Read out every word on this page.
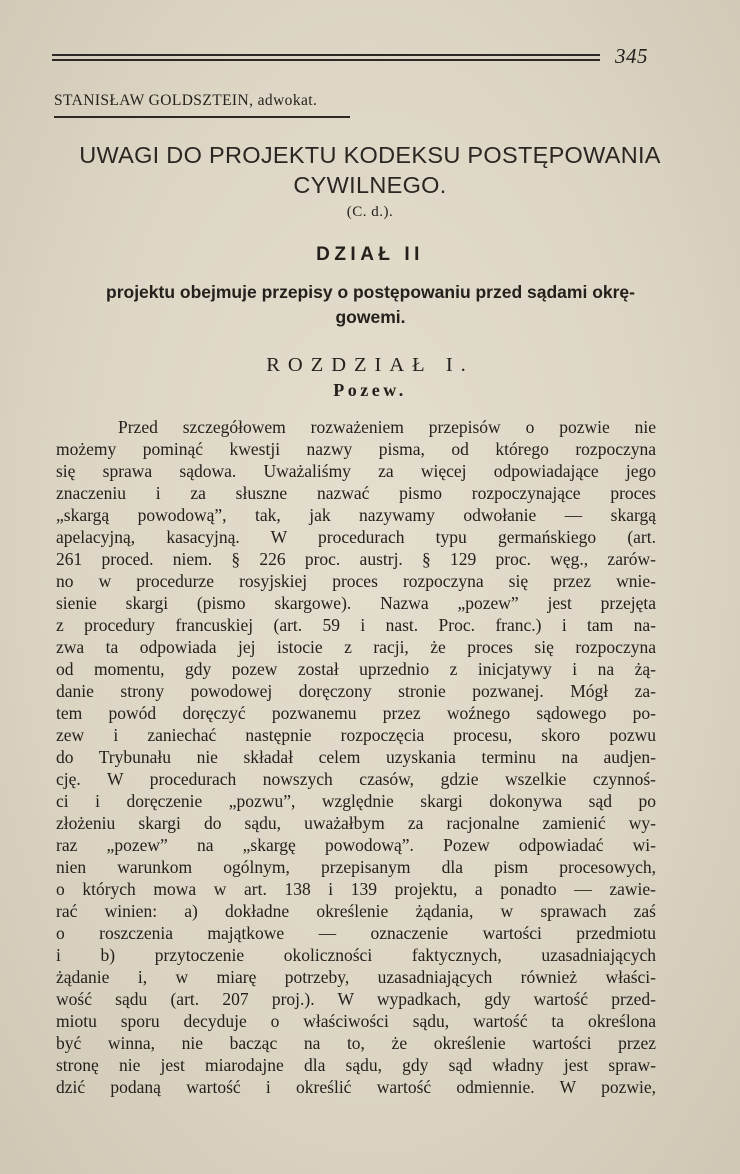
345
STANISŁAW GOLDSZTEIN, adwokat.
UWAGI DO PROJEKTU KODEKSU POSTĘPOWANIA
CYWILNEGO.
(C. d.).
DZIAŁ II
projektu obejmuje przepisy o postępowaniu przed sądami okrę-
gowemi.
ROZDZIAŁ I.
Pozew.
Przed szczegółowem rozważeniem przepisów o pozwie nie
możemy pominąć kwestji nazwy pisma, od którego rozpoczyna
się sprawa sądowa. Uważaliśmy za więcej odpowiadające jego
znaczeniu i za słuszne nazwać pismo rozpoczynające proces
„skargą powodową”, tak, jak nazywamy odwołanie — skargą
apelacyjną, kasacyjną. W procedurach typu germańskiego (art.
261 proced. niem. § 226 proc. austrj. § 129 proc. węg., zarów-
no w procedurze rosyjskiej proces rozpoczyna się przez wnie-
sienie skargi (pismo skargowe). Nazwa „pozew” jest przejęta
z procedury francuskiej (art. 59 i nast. Proc. franc.) i tam na-
zwa ta odpowiada jej istocie z racji, że proces się rozpoczyna
od momentu, gdy pozew został uprzednio z inicjatywy i na żą-
danie strony powodowej doręczony stronie pozwanej. Mógł za-
tem powód doręczyć pozwanemu przez woźnego sądowego po-
zew i zaniechać następnie rozpoczęcia procesu, skoro pozwu
do Trybunału nie składał celem uzyskania terminu na audjen-
cję. W procedurach nowszych czasów, gdzie wszelkie czynnoś-
ci i doręczenie „pozwu”, względnie skargi dokonywa sąd po
złożeniu skargi do sądu, uważałbym za racjonalne zamienić wy-
raz „pozew” na „skargę powodową”. Pozew odpowiadać wi-
nien warunkom ogólnym, przepisanym dla pism procesowych,
o których mowa w art. 138 i 139 projektu, a ponadto — zawie-
rać winien: a) dokładne określenie żądania, w sprawach zaś
o roszczenia majątkowe — oznaczenie wartości przedmiotu
i b) przytoczenie okoliczności faktycznych, uzasadniających
żądanie i, w miarę potrzeby, uzasadniających również właści-
wość sądu (art. 207 proj.). W wypadkach, gdy wartość przed-
miotu sporu decyduje o właściwości sądu, wartość ta określona
być winna, nie bacząc na to, że określenie wartości przez
stronę nie jest miarodajne dla sądu, gdy sąd władny jest spraw-
dzić podaną wartość i określić wartość odmiennie. W pozwie,
